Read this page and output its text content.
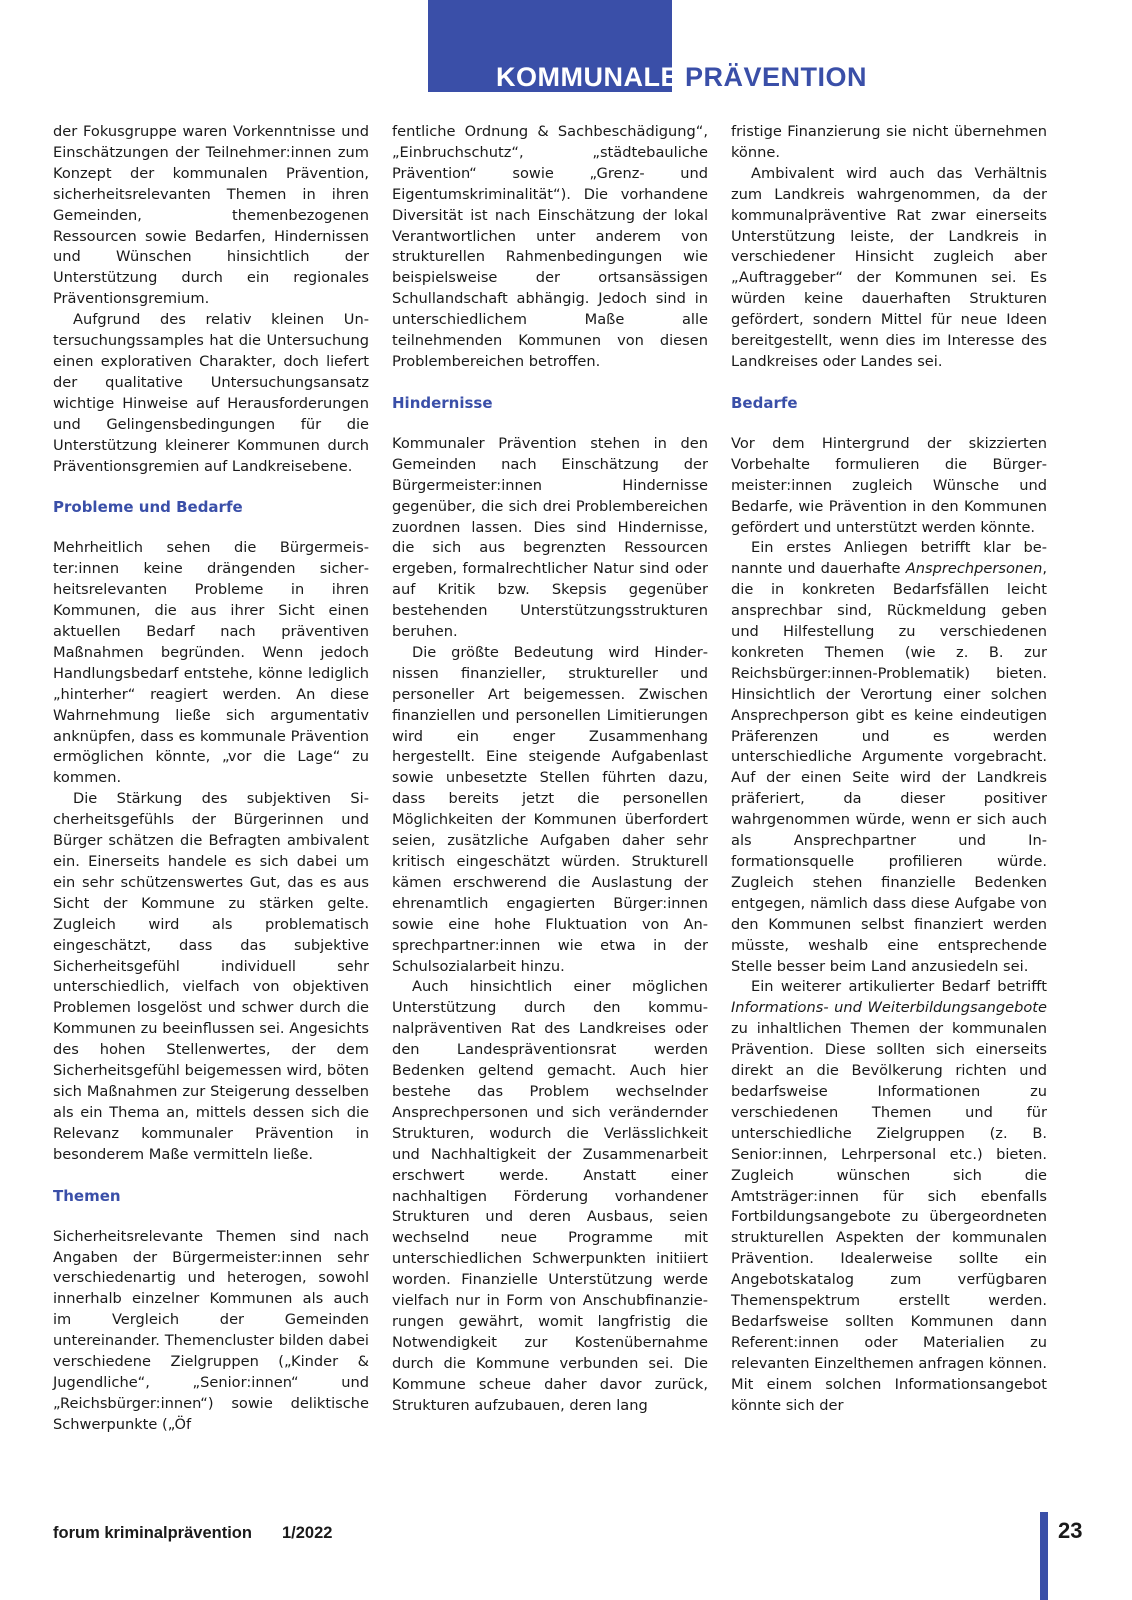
KOMMUNALE PRÄVENTION

der Fokusgruppe waren Vorkenntnisse und Einschätzungen der Teilnehmer:innen zum Konzept der kommunalen Prävention, sicherheitsrelevanten Themen in ihren Gemeinden, themenbezogenen Ressourcen sowie Bedarfen, Hindernissen und Wünschen hinsichtlich der Unterstützung durch ein regionales Präventionsgremium.

Aufgrund des relativ kleinen Untersuchungssamples hat die Untersuchung einen explorativen Charakter, doch liefert der qualitative Untersuchungsansatz wichtige Hinweise auf Herausforderungen und Gelingensbedingungen für die Unterstützung kleinerer Kommunen durch Präventionsgremien auf Landkreisebene.

Probleme und Bedarfe

Mehrheitlich sehen die Bürgermeister:innen keine drängenden sicherheitsrelevanten Probleme in ihren Kommunen, die aus ihrer Sicht einen aktuellen Bedarf nach präventiven Maßnahmen begründen. Wenn jedoch Handlungsbedarf entstehe, könne lediglich „hinterher“ reagiert werden. An diese Wahrnehmung ließe sich argumentativ anknüpfen, dass es kommunale Prävention ermöglichen könnte, „vor die Lage“ zu kommen.

Die Stärkung des subjektiven Sicherheitsgefühls der Bürgerinnen und Bürger schätzen die Befragten ambivalent ein. Einerseits handele es sich dabei um ein sehr schützenswertes Gut, das es aus Sicht der Kommune zu stärken gelte. Zugleich wird als problematisch eingeschätzt, dass das subjektive Sicherheitsgefühl individuell sehr unterschiedlich, vielfach von objektiven Problemen losgelöst und schwer durch die Kommunen zu beeinflussen sei. Angesichts des hohen Stellenwertes, der dem Sicherheitsgefühl beigemessen wird, böten sich Maßnahmen zur Steigerung desselben als ein Thema an, mittels dessen sich die Relevanz kommunaler Prävention in besonderem Maße vermitteln ließe.

Themen

Sicherheitsrelevante Themen sind nach Angaben der Bürgermeister:innen sehr verschiedenartig und heterogen, sowohl innerhalb einzelner Kommunen als auch im Vergleich der Gemeinden untereinander. Themencluster bilden dabei verschiedene Zielgruppen („Kinder & Jugendliche“, „Senior:innen“ und „Reichsbürger:innen“) sowie deliktische Schwerpunkte („Öf

fentliche Ordnung & Sachbeschädigung“, „Einbruchschutz“, „städtebauliche Prävention“ sowie „Grenz- und Eigentumskriminalität“). Die vorhandene Diversität ist nach Einschätzung der lokal Verantwortlichen unter anderem von strukturellen Rahmenbedingungen wie beispielsweise der ortsansässigen Schullandschaft abhängig. Jedoch sind in unterschiedlichem Maße alle teilnehmenden Kommunen von diesen Problembereichen betroffen.

Hindernisse

Kommunaler Prävention stehen in den Gemeinden nach Einschätzung der Bürgermeister:innen Hindernisse gegenüber, die sich drei Problembereichen zuordnen lassen. Dies sind Hindernisse, die sich aus begrenzten Ressourcen ergeben, formalrechtlicher Natur sind oder auf Kritik bzw. Skepsis gegenüber bestehenden Unterstützungsstrukturen beruhen.

Die größte Bedeutung wird Hindernissen finanzieller, struktureller und personeller Art beigemessen. Zwischen finanziellen und personellen Limitierungen wird ein enger Zusammenhang hergestellt. Eine steigende Aufgabenlast sowie unbesetzte Stellen führten dazu, dass bereits jetzt die personellen Möglichkeiten der Kommunen überfordert seien, zusätzliche Aufgaben daher sehr kritisch eingeschätzt würden. Strukturell kämen erschwerend die Auslastung der ehrenamtlich engagierten Bürger:innen sowie eine hohe Fluktuation von Ansprechpartner:innen wie etwa in der Schulsozialarbeit hinzu.

Auch hinsichtlich einer möglichen Unterstützung durch den kommunalpräventiven Rat des Landkreises oder den Landespräventionsrat werden Bedenken geltend gemacht. Auch hier bestehe das Problem wechselnder Ansprechpersonen und sich verändernder Strukturen, wodurch die Verlässlichkeit und Nachhaltigkeit der Zusammenarbeit erschwert werde. Anstatt einer nachhaltigen Förderung vorhandener Strukturen und deren Ausbaus, seien wechselnd neue Programme mit unterschiedlichen Schwerpunkten initiiert worden. Finanzielle Unterstützung werde vielfach nur in Form von Anschubfinanzierungen gewährt, womit langfristig die Notwendigkeit zur Kostenübernahme durch die Kommune verbunden sei. Die Kommune scheue daher davor zurück, Strukturen aufzubauen, deren lang

fristige Finanzierung sie nicht übernehmen könne.

Ambivalent wird auch das Verhältnis zum Landkreis wahrgenommen, da der kommunalpräventive Rat zwar einerseits Unterstützung leiste, der Landkreis in verschiedener Hinsicht zugleich aber „Auftraggeber“ der Kommunen sei. Es würden keine dauerhaften Strukturen gefördert, sondern Mittel für neue Ideen bereitgestellt, wenn dies im Interesse des Landkreises oder Landes sei.

Bedarfe

Vor dem Hintergrund der skizzierten Vorbehalte formulieren die Bürgermeister:innen zugleich Wünsche und Bedarfe, wie Prävention in den Kommunen gefördert und unterstützt werden könnte.

Ein erstes Anliegen betrifft klar benannte und dauerhafte Ansprechpersonen, die in konkreten Bedarfsfällen leicht ansprechbar sind, Rückmeldung geben und Hilfestellung zu verschiedenen konkreten Themen (wie z. B. zur Reichsbürger:innen-Problematik) bieten. Hinsichtlich der Verortung einer solchen Ansprechperson gibt es keine eindeutigen Präferenzen und es werden unterschiedliche Argumente vorgebracht. Auf der einen Seite wird der Landkreis präferiert, da dieser positiver wahrgenommen würde, wenn er sich auch als Ansprechpartner und Informationsquelle profilieren würde. Zugleich stehen finanzielle Bedenken entgegen, nämlich dass diese Aufgabe von den Kommunen selbst finanziert werden müsste, weshalb eine entsprechende Stelle besser beim Land anzusiedeln sei.

Ein weiterer artikulierter Bedarf betrifft Informations- und Weiterbildungsangebote zu inhaltlichen Themen der kommunalen Prävention. Diese sollten sich einerseits direkt an die Bevölkerung richten und bedarfsweise Informationen zu verschiedenen Themen und für unterschiedliche Zielgruppen (z. B. Senior:innen, Lehrpersonal etc.) bieten. Zugleich wünschen sich die Amtsträger:innen für sich ebenfalls Fortbildungsangebote zu übergeordneten strukturellen Aspekten der kommunalen Prävention. Idealerweise sollte ein Angebotskatalog zum verfügbaren Themenspektrum erstellt werden. Bedarfsweise sollten Kommunen dann Referent:innen oder Materialien zu relevanten Einzelthemen anfragen können. Mit einem solchen Informationsangebot könnte sich der

forum kriminalprävention 1/2022	23
